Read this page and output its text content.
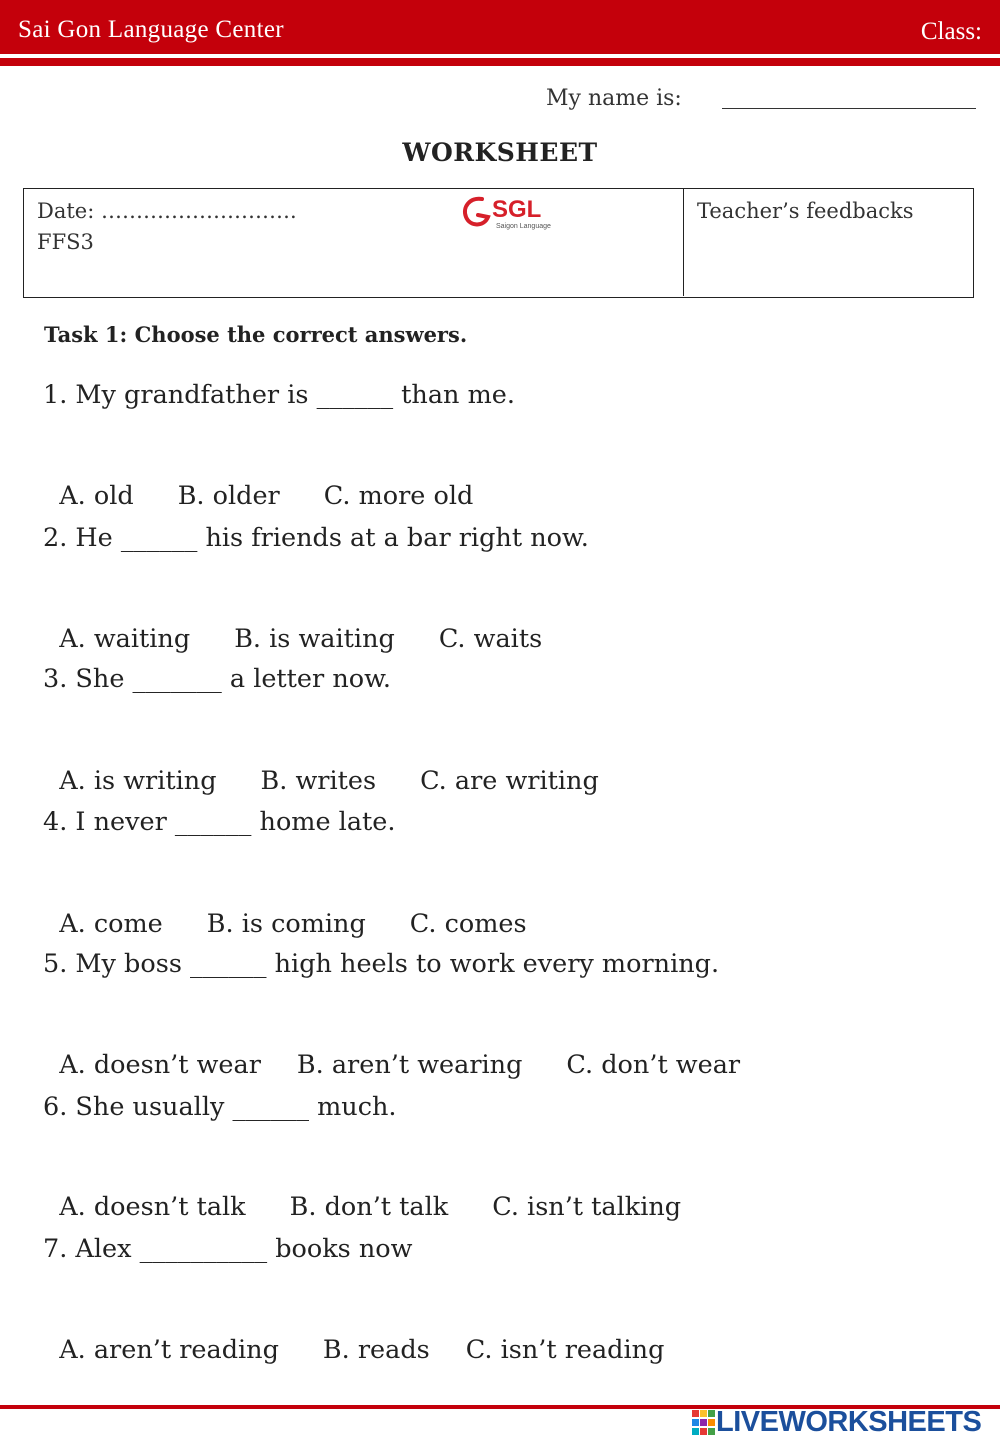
Sai Gon Language Center	Class:
My name is:
WORKSHEET
Date: ……………………….
FFS3
SGL
Saigon Language
Teacher’s feedbacks
Task 1: Choose the correct answers.
1. My grandfather is ______ than me.

A. old B. older C. more old

2. He ______ his friends at a bar right now.

A. waiting B. is waiting C. waits

3. She _______ a letter now.

A. is writing B. writes C. are writing

4. I never ______ home late.

A. come B. is coming C. comes

5. My boss ______ high heels to work every morning.

A. doesn’t wear B. aren’t wearing C. don’t wear

6. She usually ______ much.

A. doesn’t talk B. don’t talk C. isn’t talking

7. Alex __________ books now

A. aren’t reading B. reads C. isn’t reading

LIVEWORKSHEETS
